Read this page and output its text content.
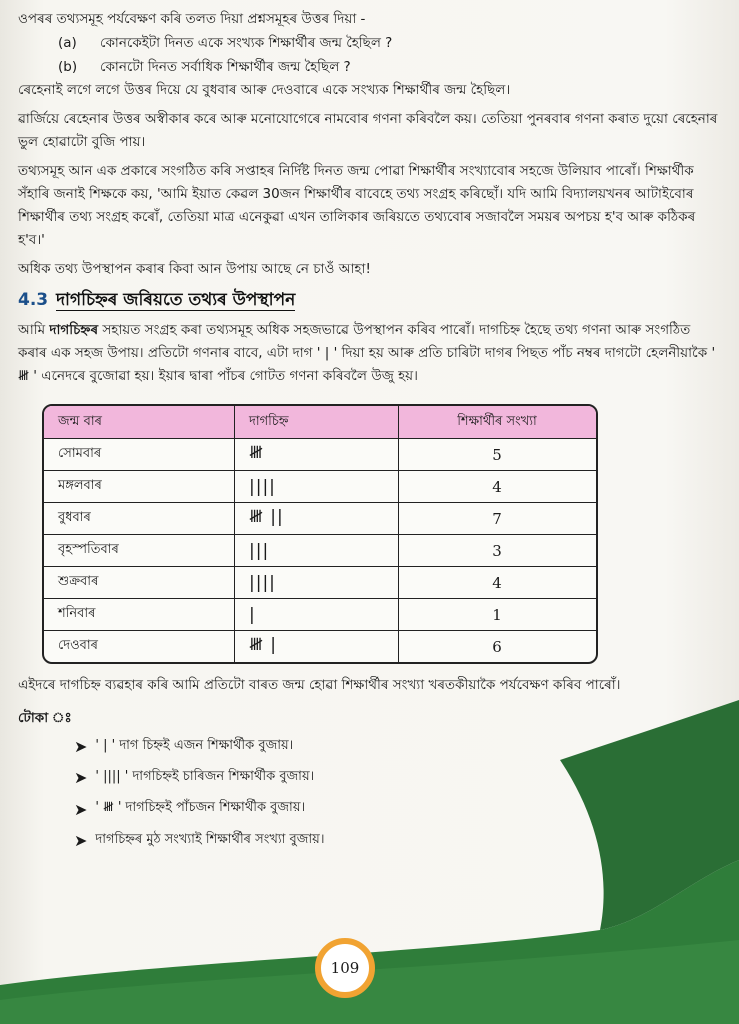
ওপৰৰ তথ্যসমূহ পৰ্যবেক্ষণ কৰি তলত দিয়া প্ৰশ্নসমূহৰ উত্তৰ দিয়া -

(a)	কোনকেইটা দিনত একে সংখ্যক শিক্ষাৰ্থীৰ জন্ম হৈছিল ?
(b)	কোনটো দিনত সৰ্বাধিক শিক্ষাৰ্থীৰ জন্ম হৈছিল ?

ৰেহেনাই লগে লগে উত্তৰ দিয়ে যে বুধবাৰ আৰু দেওবাৰে একে সংখ্যক শিক্ষাৰ্থীৰ জন্ম হৈছিল।

ৱাৰ্জিয়ে ৰেহেনাৰ উত্তৰ অস্বীকাৰ কৰে আৰু মনোযোগেৰে নামবোৰ গণনা কৰিবলৈ কয়। তেতিয়া পুনৰবাৰ গণনা কৰাত দুয়ো ৰেহেনাৰ ভুল হোৱাটো বুজি পায়।

তথ্যসমূহ আন এক প্ৰকাৰে সংগঠিত কৰি সপ্তাহৰ নিৰ্দিষ্ট দিনত জন্ম পোৱা শিক্ষাৰ্থীৰ সংখ্যাবোৰ সহজে উলিয়াব পাৰোঁ। শিক্ষাৰ্থীক সঁহাৰি জনাই শিক্ষকে কয়, 'আমি ইয়াত কেৱল 30জন শিক্ষাৰ্থীৰ বাবেহে তথ্য সংগ্ৰহ কৰিছোঁ। যদি আমি বিদ্যালয়খনৰ আটাইবোৰ শিক্ষাৰ্থীৰ তথ্য সংগ্ৰহ কৰোঁ, তেতিয়া মাত্ৰ এনেকুৱা এখন তালিকাৰ জৰিয়তে তথ্যবোৰ সজাবলৈ সময়ৰ অপচয় হ'ব আৰু কঠিকৰ হ'ব।'

অধিক তথ্য উপস্থাপন কৰাৰ কিবা আন উপায় আছে নে চাওঁ আহা!

4.3 দাগচিহ্নৰ জৰিয়তে তথ্যৰ উপস্থাপন

আমি দাগচিহ্নৰ সহায়ত সংগ্ৰহ কৰা তথ্যসমূহ অধিক সহজভাৱে উপস্থাপন কৰিব পাৰোঁ। দাগচিহ্ন হৈছে তথ্য গণনা আৰু সংগঠিত কৰাৰ এক সহজ উপায়। প্ৰতিটো গণনাৰ বাবে, এটা দাগ ' | ' দিয়া হয় আৰু প্ৰতি চাৰিটা দাগৰ পিছত পাঁচ নম্বৰ দাগটো হেলনীয়াকৈ ' 𝍸 ' এনেদৰে বুজোৱা হয়। ইয়াৰ দ্বাৰা পাঁচৰ গোটত গণনা কৰিবলৈ উজু হয়।

জন্ম বাৰ	দাগচিহ্ন	শিক্ষাৰ্থীৰ সংখ্যা
সোমবাৰ	𝍸	5
মঙ্গলবাৰ	||||	4
বুধবাৰ	𝍸 ||	7
বৃহস্পতিবাৰ	|||	3
শুক্ৰবাৰ	||||	4
শনিবাৰ	|	1
দেওবাৰ	𝍸 |	6

এইদৰে দাগচিহ্ন ব্যৱহাৰ কৰি আমি প্ৰতিটো বাৰত জন্ম হোৱা শিক্ষাৰ্থীৰ সংখ্যা খৰতকীয়াকৈ পৰ্যবেক্ষণ কৰিব পাৰোঁ।

টোকা ঃ

➤ ' | ' দাগ চিহ্নই এজন শিক্ষাৰ্থীক বুজায়।
➤ ' |||| ' দাগচিহ্নই চাৰিজন শিক্ষাৰ্থীক বুজায়।
➤ ' 𝍸 ' দাগচিহ্নই পাঁচজন শিক্ষাৰ্থীক বুজায়।
➤ দাগচিহ্নৰ মুঠ সংখ্যাই শিক্ষাৰ্থীৰ সংখ্যা বুজায়।
109
